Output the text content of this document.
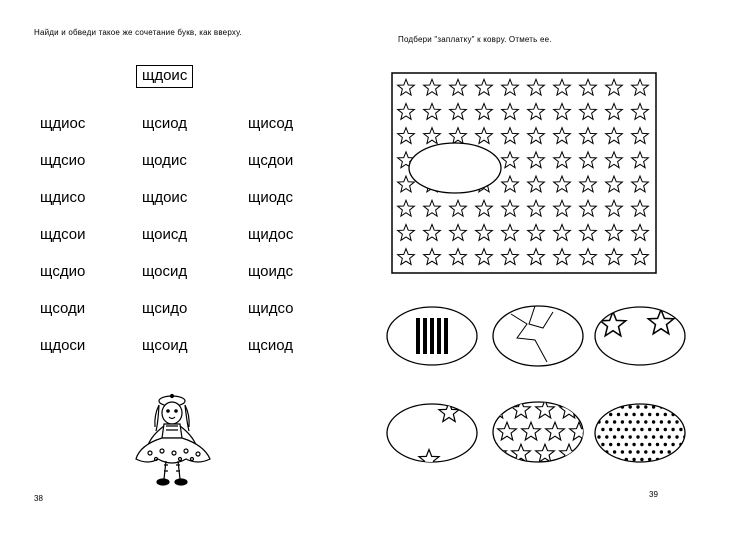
Найди и обведи такое же сочетание букв, как вверху.
щдоис
щдиос
щдсио
щдисо
щдсои
щсдио
щсоди
щдоси
щсиод
щодис
щдоис
щоисд
щосид
щсидо
щсоид
щисод
щсдои
щиодс
щидос
щоидс
щидсо
щсиод
38
Подбери "заплатку" к ковру. Отметь ее.
39
